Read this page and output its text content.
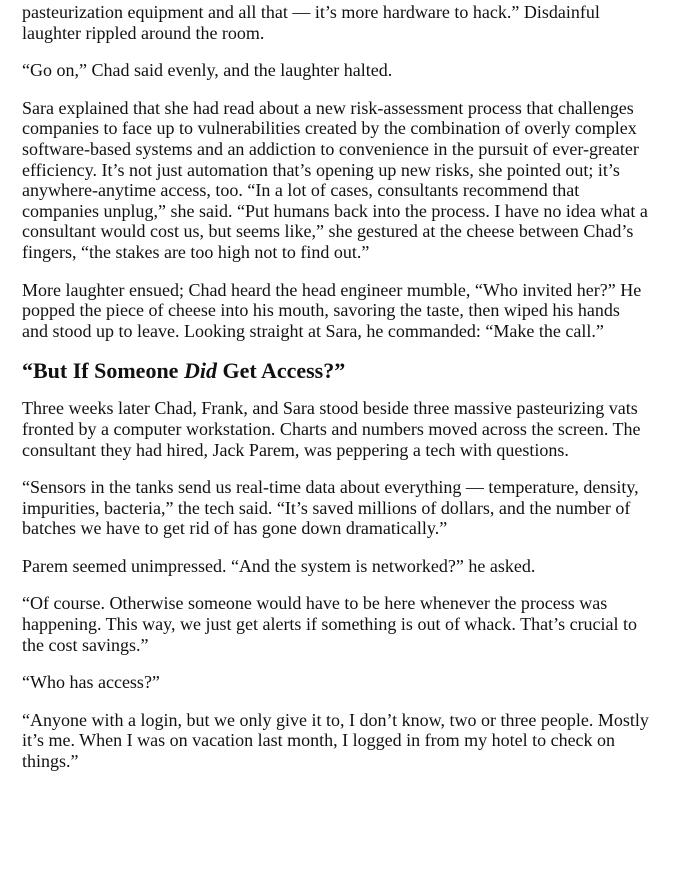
pasteurization equipment and all that — it’s more hardware to hack.” Disdainful laughter rippled around the room.

“Go on,” Chad said evenly, and the laughter halted.

Sara explained that she had read about a new risk-assessment process that challenges companies to face up to vulnerabilities created by the combination of overly complex software-based systems and an addiction to convenience in the pursuit of ever-greater efficiency. It’s not just automation that’s opening up new risks, she pointed out; it’s anywhere-anytime access, too. “In a lot of cases, consultants recommend that companies unplug,” she said. “Put humans back into the process. I have no idea what a consultant would cost us, but seems like,” she gestured at the cheese between Chad’s fingers, “the stakes are too high not to find out.”

More laughter ensued; Chad heard the head engineer mumble, “Who invited her?” He popped the piece of cheese into his mouth, savoring the taste, then wiped his hands and stood up to leave. Looking straight at Sara, he commanded: “Make the call.”

“But If Someone Did Get Access?”

Three weeks later Chad, Frank, and Sara stood beside three massive pasteurizing vats fronted by a computer workstation. Charts and numbers moved across the screen. The consultant they had hired, Jack Parem, was peppering a tech with questions.

“Sensors in the tanks send us real-time data about everything — temperature, density, impurities, bacteria,” the tech said. “It’s saved millions of dollars, and the number of batches we have to get rid of has gone down dramatically.”

Parem seemed unimpressed. “And the system is networked?” he asked.

“Of course. Otherwise someone would have to be here whenever the process was happening. This way, we just get alerts if something is out of whack. That’s crucial to the cost savings.”

“Who has access?”

“Anyone with a login, but we only give it to, I don’t know, two or three people. Mostly it’s me. When I was on vacation last month, I logged in from my hotel to check on things.”
